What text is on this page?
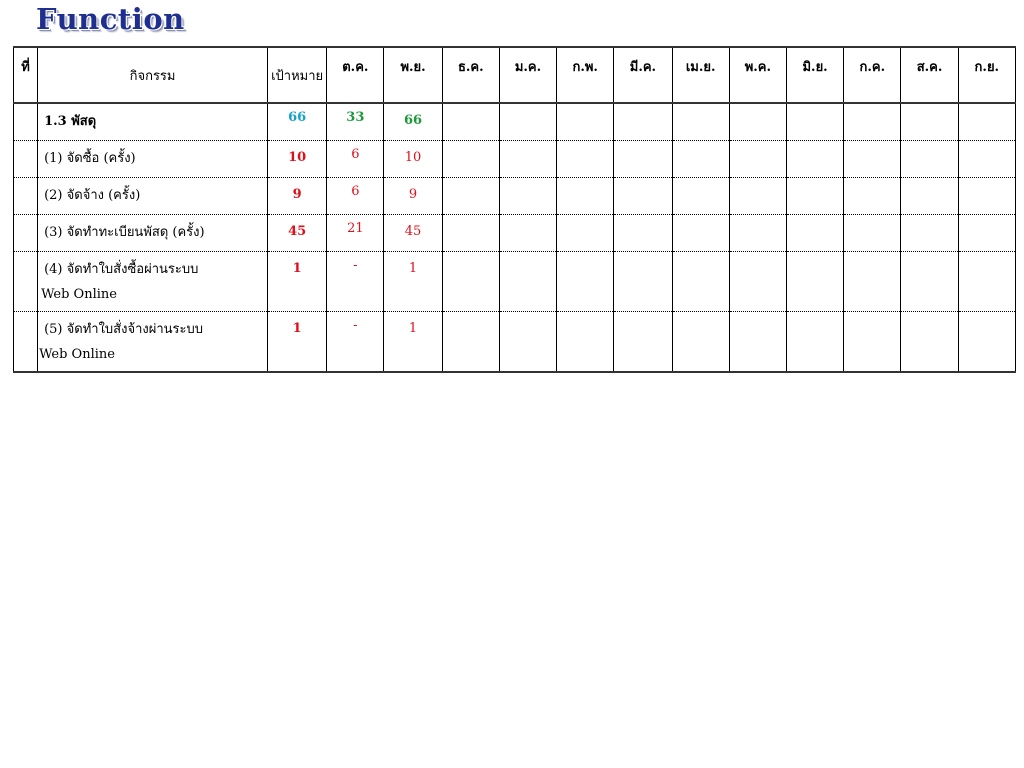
Function
ที่	กิจกรรม	เป้าหมาย	ต.ค.	พ.ย.	ธ.ค.	ม.ค.	ก.พ.	มี.ค.	เม.ย.	พ.ค.	มิ.ย.	ก.ค.	ส.ค.	ก.ย.
	1.3 พัสดุ	66	33	66										
	(1) จัดซื้อ (ครั้ง)	10	6	10										
	(2) จัดจ้าง (ครั้ง)	9	6	9										
	(3) จัดทำทะเบียนพัสดุ (ครั้ง)	45	21	45										
	(4) จัดทำใบสั่งซื้อผ่านระบบ
Web Online	1	-	1										
	(5) จัดทำใบสั่งจ้างผ่านระบบ
Web Online	1	-	1										
